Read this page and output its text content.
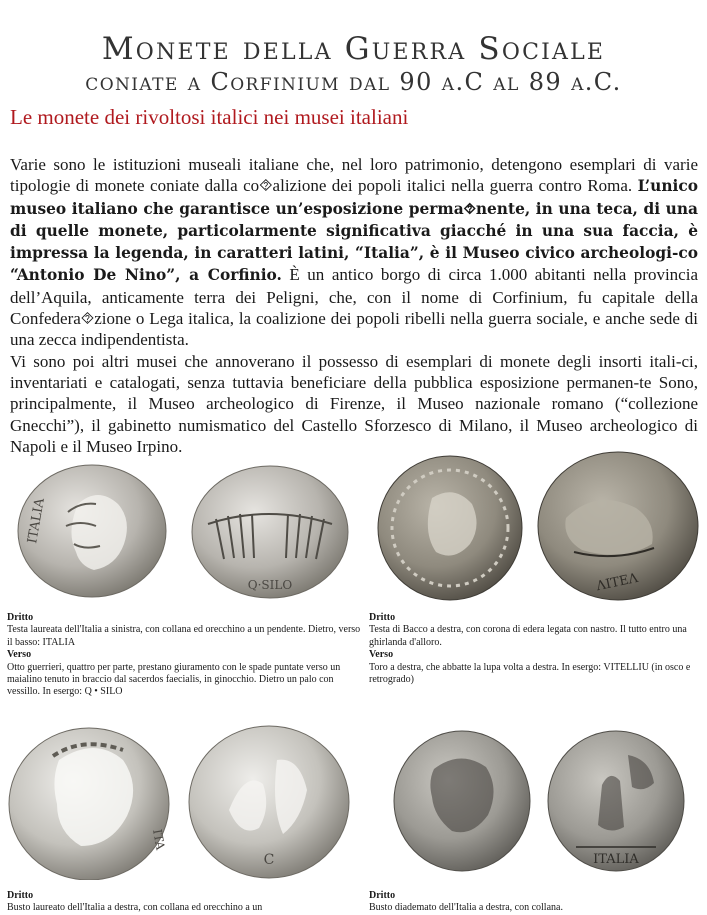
Monete della Guerra Sociale
coniate a Corfinium dal 90 a.C al 89 a.C.
Le monete dei rivoltosi italici nei musei italiani

Varie sono le istituzioni museali italiane che, nel loro patrimonio, detengono esemplari di varie tipologie di monete coniate dalla co⯑alizione dei popoli italici nella guerra contro Roma. L’unico museo italiano che garantisce un’esposizione perma⯑nente, in una teca, di una di quelle monete, particolarmente significativa giacché in una sua faccia, è impressa la legenda, in caratteri latini, “Italia”, è il Museo civico archeologi-co “Antonio De Nino”, a Corfinio. È un antico borgo di circa 1.000 abitanti nella provincia dell’Aquila, anticamente terra dei Peligni, che, con il nome di Corfinium, fu capitale della Confedera⯑zione o Lega italica, la coalizione dei popoli ribelli nella guerra sociale, e anche sede di una zecca indipendentista.

Vi sono poi altri musei che annoverano il possesso di esemplari di monete degli insorti itali-ci, inventariati e catalogati, senza tuttavia beneficiare della pubblica esposizione permanen-te Sono, principalmente, il Museo archeologico di Firenze, il Museo nazionale romano (“collezione Gnecchi”), il gabinetto numismatico del Castello Sforzesco di Milano, il Museo archeologico di Napoli e il Museo Irpino.

ITALIA
Q·SILO	ΛΙΤΕΛ
Dritto
Testa laureata dell'Italia a sinistra, con collana ed orecchino a un pendente. Dietro, verso il basso: ITALIA
Verso
Otto guerrieri, quattro per parte, prestano giuramento con le spade puntate verso un maialino tenuto in braccio dal sacerdos faecialis, in ginocchio. Dietro un palo con vessillo. In esergo: Q • SILO
Dritto
Testa di Bacco a destra, con corona di edera legata con nastro. Il tutto entro una ghirlanda d'alloro.
Verso
Toro a destra, che abbatte la lupa volta a destra. In esergo: VITELLIU (in osco e retrogrado)
ITA
C	ITALIA
Dritto
Busto laureato dell'Italia a destra, con collana ed orecchino a un
Dritto
Busto diademato dell'Italia a destra, con collana.
